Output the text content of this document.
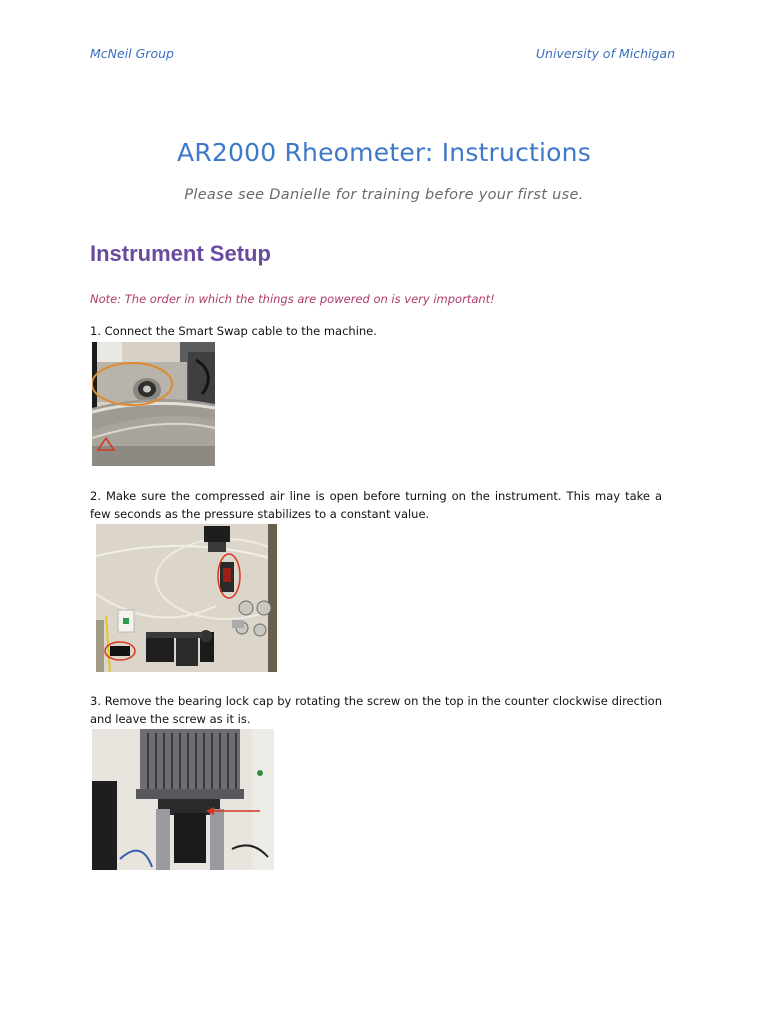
McNeil Group	University of Michigan
AR2000 Rheometer: Instructions
Please see Danielle for training before your first use.
Instrument Setup
Note: The order in which the things are powered on is very important!
1. Connect the Smart Swap cable to the machine.
2. Make sure the compressed air line is open before turning on the instrument. This may take a few seconds as the pressure stabilizes to a constant value.
3. Remove the bearing lock cap by rotating the screw on the top in the counter clockwise direction and leave the screw as it is.
